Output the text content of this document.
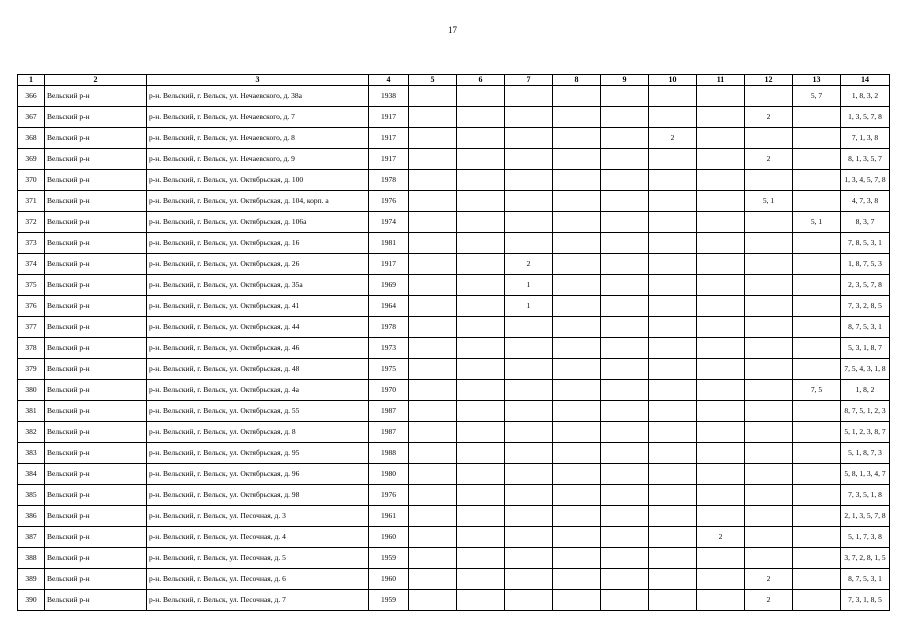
17
1	2	3	4	5	6	7	8	9	10	11	12	13	14
366	Вельский р-н	р-н. Вельский, г. Вельск, ул. Нечаевского, д. 38а	1938									5, 7	1, 8, 3, 2
367	Вельский р-н	р-н. Вельский, г. Вельск, ул. Нечаевского, д. 7	1917								2		1, 3, 5, 7, 8
368	Вельский р-н	р-н. Вельский, г. Вельск, ул. Нечаевского, д. 8	1917						2				7, 1, 3, 8
369	Вельский р-н	р-н. Вельский, г. Вельск, ул. Нечаевского, д. 9	1917								2		8, 1, 3, 5, 7
370	Вельский р-н	р-н. Вельский, г. Вельск, ул. Октябрьская, д. 100	1978										1, 3, 4, 5, 7, 8
371	Вельский р-н	р-н. Вельский, г. Вельск, ул. Октябрьская, д. 104, корп. а	1976								5, 1		4, 7, 3, 8
372	Вельский р-н	р-н. Вельский, г. Вельск, ул. Октябрьская, д. 106а	1974									5, 1	8, 3, 7
373	Вельский р-н	р-н. Вельский, г. Вельск, ул. Октябрьская, д. 16	1981										7, 8, 5, 3, 1
374	Вельский р-н	р-н. Вельский, г. Вельск, ул. Октябрьская, д. 26	1917			2							1, 8, 7, 5, 3
375	Вельский р-н	р-н. Вельский, г. Вельск, ул. Октябрьская, д. 35а	1969			1							2, 3, 5, 7, 8
376	Вельский р-н	р-н. Вельский, г. Вельск, ул. Октябрьская, д. 41	1964			1							7, 3, 2, 8, 5
377	Вельский р-н	р-н. Вельский, г. Вельск, ул. Октябрьская, д. 44	1978										8, 7, 5, 3, 1
378	Вельский р-н	р-н. Вельский, г. Вельск, ул. Октябрьская, д. 46	1973										5, 3, 1, 8, 7
379	Вельский р-н	р-н. Вельский, г. Вельск, ул. Октябрьская, д. 48	1975										7, 5, 4, 3, 1, 8
380	Вельский р-н	р-н. Вельский, г. Вельск, ул. Октябрьская, д. 4а	1970									7, 5	1, 8, 2
381	Вельский р-н	р-н. Вельский, г. Вельск, ул. Октябрьская, д. 55	1987										8, 7, 5, 1, 2, 3
382	Вельский р-н	р-н. Вельский, г. Вельск, ул. Октябрьская, д. 8	1987										5, 1, 2, 3, 8, 7
383	Вельский р-н	р-н. Вельский, г. Вельск, ул. Октябрьская, д. 95	1988										5, 1, 8, 7, 3
384	Вельский р-н	р-н. Вельский, г. Вельск, ул. Октябрьская, д. 96	1980										5, 8, 1, 3, 4, 7
385	Вельский р-н	р-н. Вельский, г. Вельск, ул. Октябрьская, д. 98	1976										7, 3, 5, 1, 8
386	Вельский р-н	р-н. Вельский, г. Вельск, ул. Песочная, д. 3	1961										2, 1, 3, 5, 7, 8
387	Вельский р-н	р-н. Вельский, г. Вельск, ул. Песочная, д. 4	1960							2			5, 1, 7, 3, 8
388	Вельский р-н	р-н. Вельский, г. Вельск, ул. Песочная, д. 5	1959										3, 7, 2, 8, 1, 5
389	Вельский р-н	р-н. Вельский, г. Вельск, ул. Песочная, д. 6	1960								2		8, 7, 5, 3, 1
390	Вельский р-н	р-н. Вельский, г. Вельск, ул. Песочная, д. 7	1959								2		7, 3, 1, 8, 5
